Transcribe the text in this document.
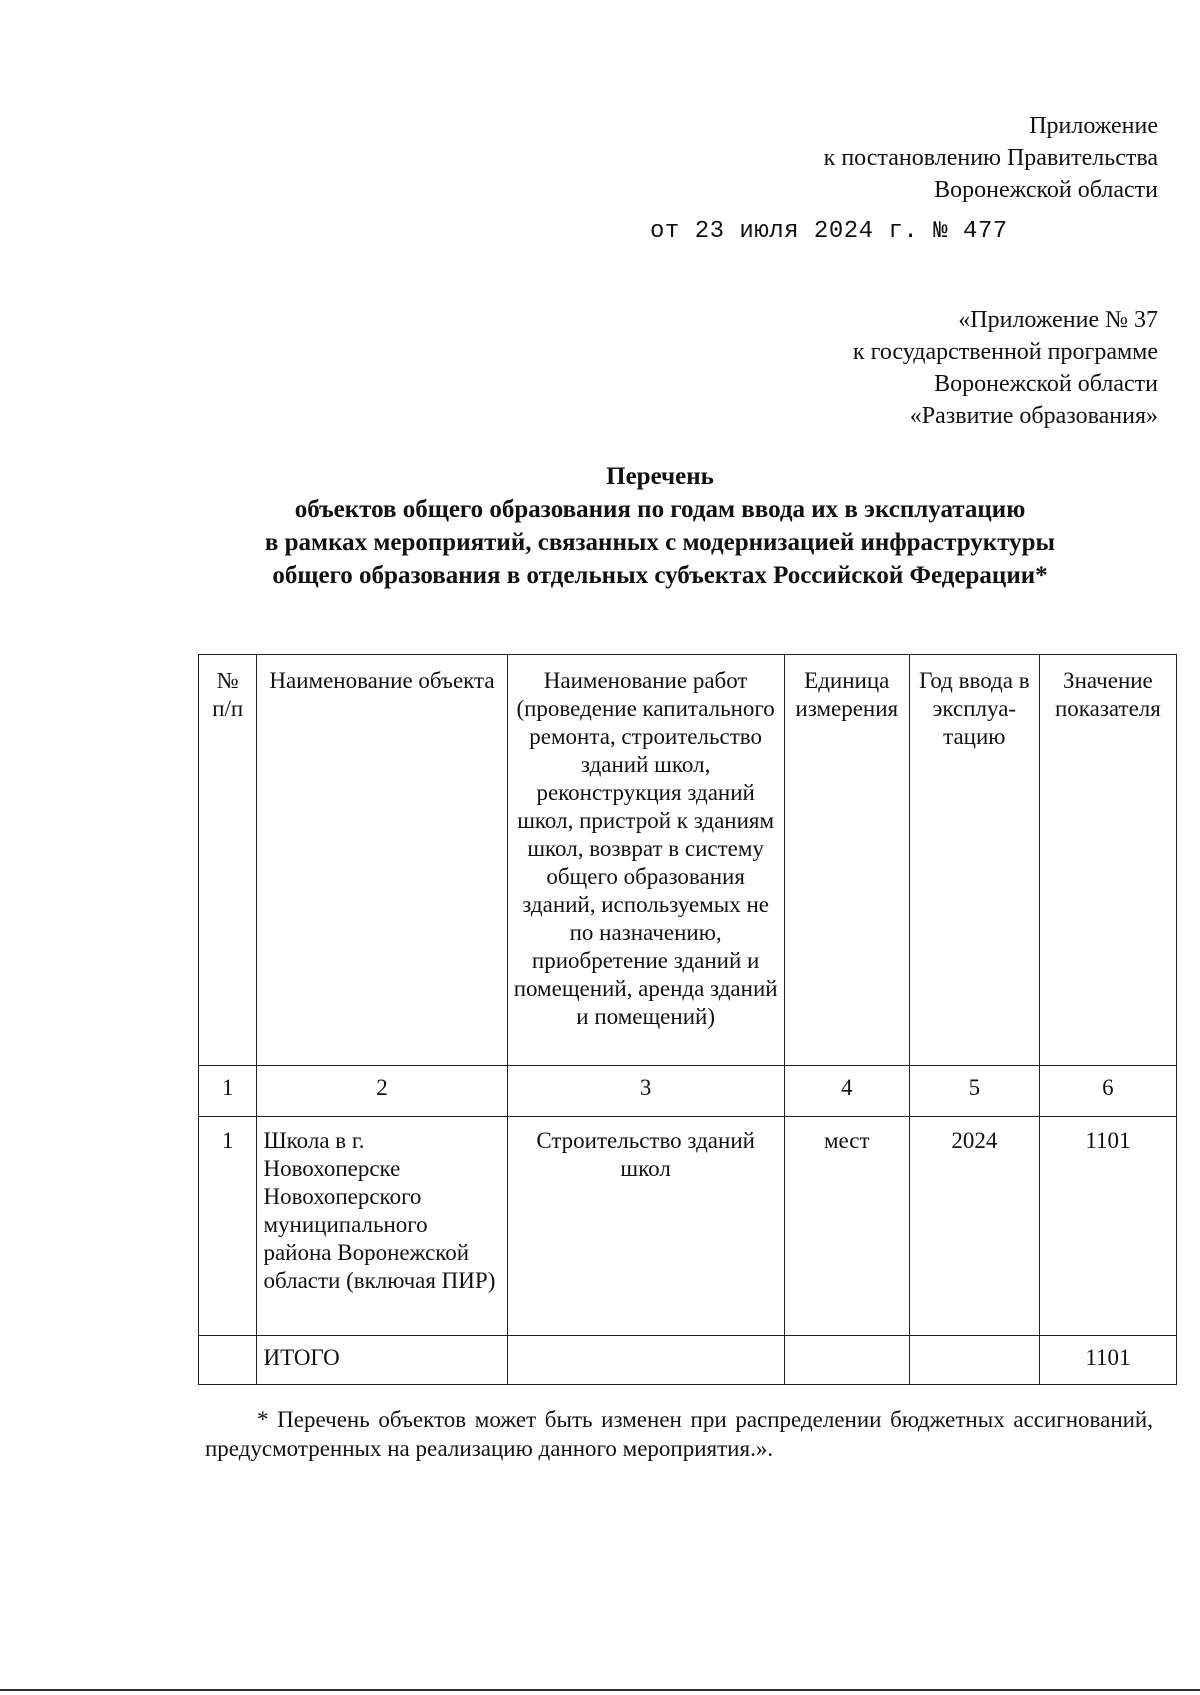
Приложение
к постановлению Правительства
Воронежской области
от 23 июля 2024 г. № 477
«Приложение № 37
к государственной программе
Воронежской области
«Развитие образования»
Перечень
объектов общего образования по годам ввода их в эксплуатацию
в рамках мероприятий, связанных с модернизацией инфраструктуры
общего образования в отдельных субъектах Российской Федерации*
№ п/п	Наименование объекта	Наименование работ (проведение капитального ремонта, строительство зданий школ, реконструкция зданий школ, пристрой к зданиям школ, возврат в систему общего образования зданий, используемых не по назначению, приобретение зданий и помещений, аренда зданий и помещений)	Единица измерения	Год ввода в эксплуа-тацию	Значение показателя
1	2	3	4	5	6
1	Школа в г. Новохоперске Новохоперского муниципального района Воронежской области (включая ПИР)	Строительство зданий школ	мест	2024	1101
	ИТОГО				1101
* Перечень объектов может быть изменен при распределении бюджетных ассигнований, предусмотренных на реализацию данного мероприятия.».
